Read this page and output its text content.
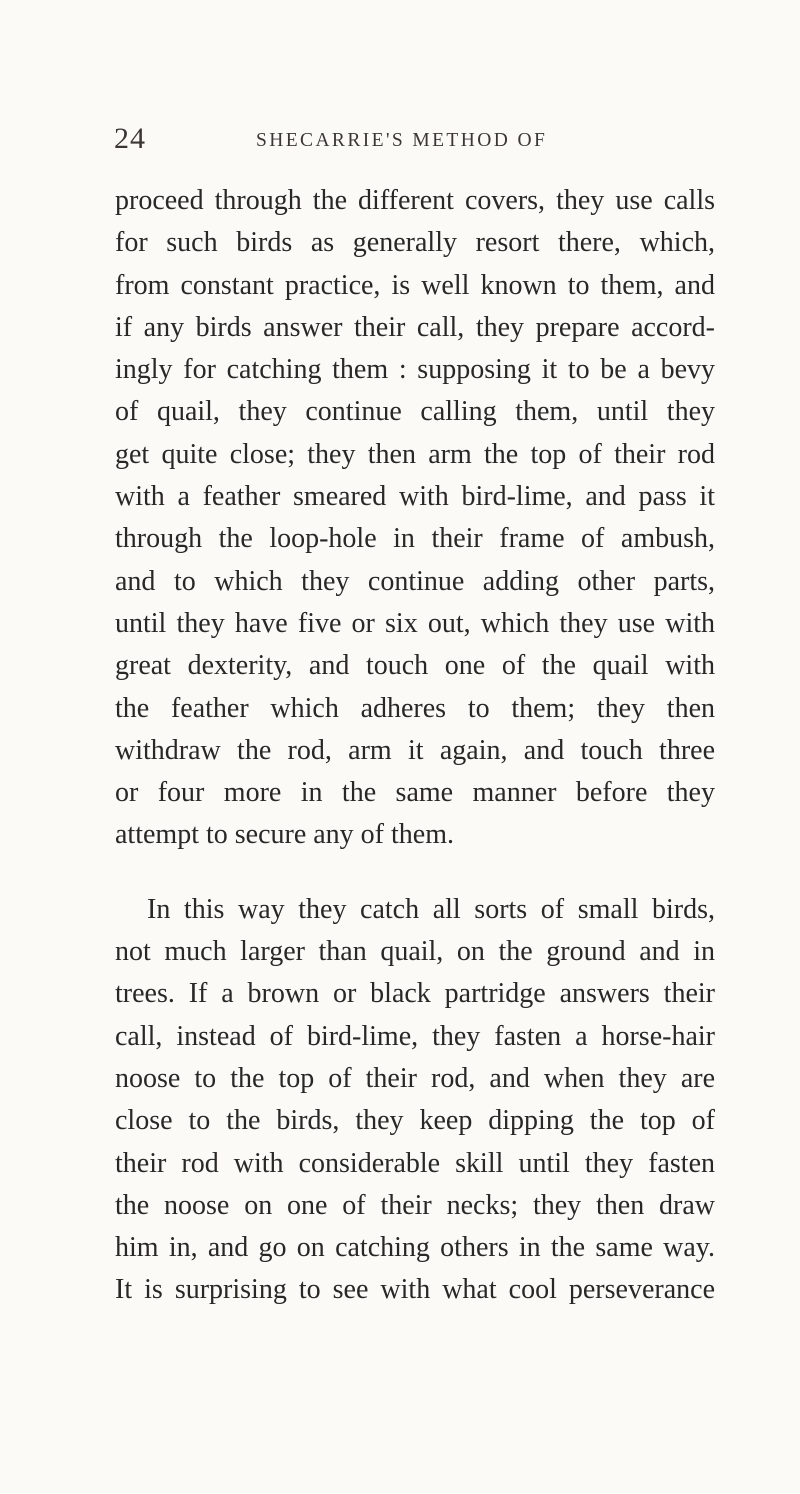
24	SHECARRIE'S METHOD OF
proceed through the different covers, they use calls
for such birds as generally resort there, which,
from constant practice, is well known to them, and
if any birds answer their call, they prepare accord-
ingly for catching them : supposing it to be a bevy
of quail, they continue calling them, until they
get quite close; they then arm the top of their rod
with a feather smeared with bird-lime, and pass it
through the loop-hole in their frame of ambush,
and to which they continue adding other parts,
until they have five or six out, which they use with
great dexterity, and touch one of the quail with
the feather which adheres to them; they then
withdraw the rod, arm it again, and touch three
or four more in the same manner before they
attempt to secure any of them.
In this way they catch all sorts of small birds,
not much larger than quail, on the ground and in
trees. If a brown or black partridge answers their
call, instead of bird-lime, they fasten a horse-hair
noose to the top of their rod, and when they are
close to the birds, they keep dipping the top of
their rod with considerable skill until they fasten
the noose on one of their necks; they then draw
him in, and go on catching others in the same way.
It is surprising to see with what cool perseverance
